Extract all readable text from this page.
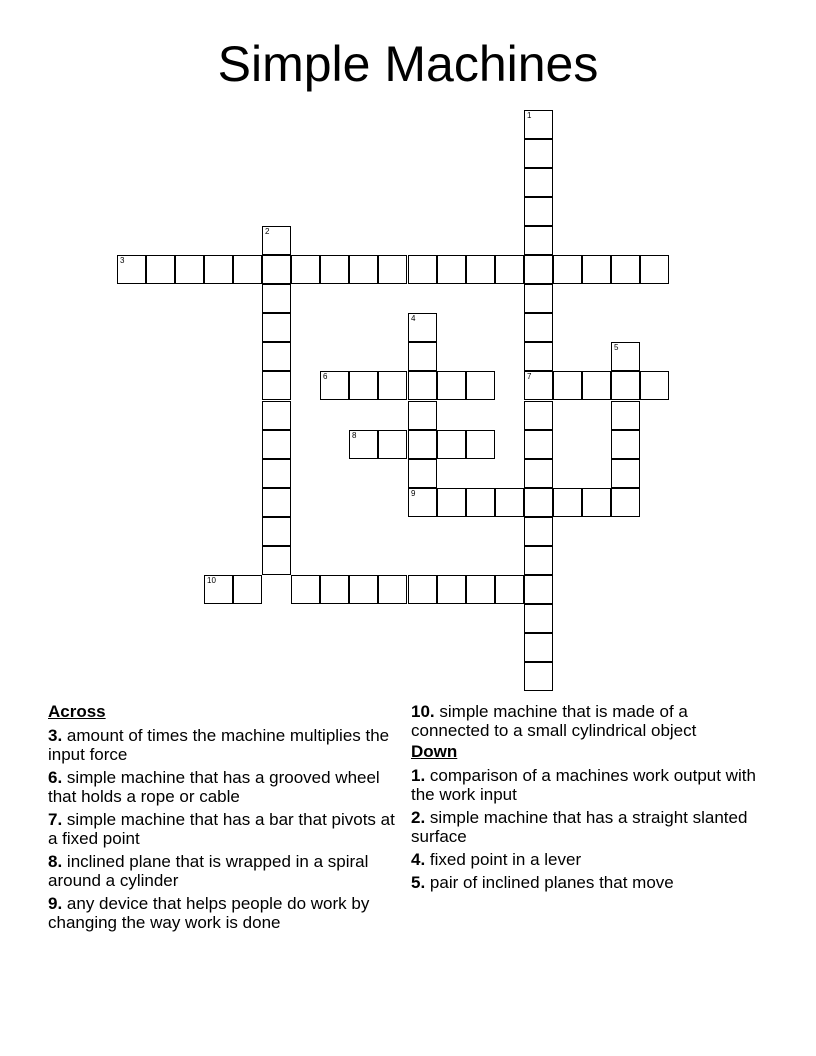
Simple Machines
1
7
2
3
4
9
5
6
8
10
Across
3. amount of times the machine multiplies the input force
6. simple machine that has a grooved wheel that holds a rope or cable
7. simple machine that has a bar that pivots at a fixed point
8. inclined plane that is wrapped in a spiral around a cylinder
9. any device that helps people do work by changing the way work is done
10. simple machine that is made of a connected to a small cylindrical object
Down
1. comparison of a machines work output with the work input
2. simple machine that has a straight slanted surface
4. fixed point in a lever
5. pair of inclined planes that move
